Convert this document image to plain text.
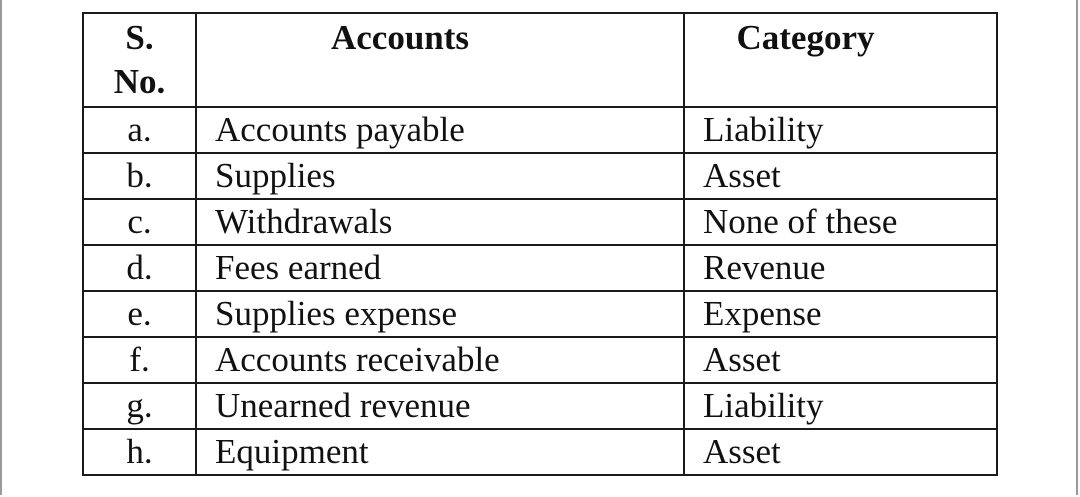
S.
No.	Accounts	Category
a.	Accounts payable	Liability
b.	Supplies	Asset
c.	Withdrawals	None of these
d.	Fees earned	Revenue
e.	Supplies expense	Expense
f.	Accounts receivable	Asset
g.	Unearned revenue	Liability
h.	Equipment	Asset
